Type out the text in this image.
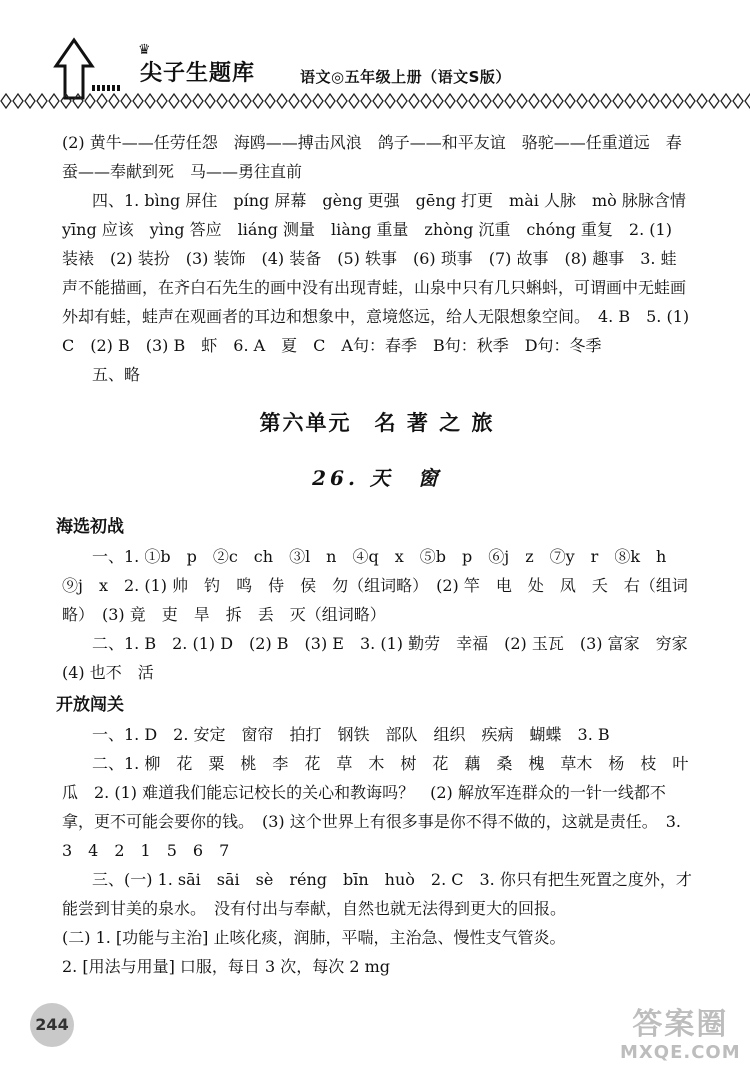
♛
尖子生题库	语文◎五年级上册（语文S版）

(2) 黄牛——任劳任怨　海鸥——搏击风浪　鸽子——和平友谊　骆驼——任重道远　春蚕——奉献到死　马——勇往直前

四、1. bìng 屏住　píng 屏幕　gèng 更强　gēng 打更　mài 人脉　mò 脉脉含情　yīng 应该　yìng 答应　liáng 测量　liàng 重量　zhòng 沉重　chóng 重复　2. (1) 装裱　(2) 装扮　(3) 装饰　(4) 装备　(5) 轶事　(6) 琐事　(7) 故事　(8) 趣事　3. 蛙声不能描画，在齐白石先生的画中没有出现青蛙，山泉中只有几只蝌蚪，可谓画中无蛙画外却有蛙，蛙声在观画者的耳边和想象中，意境悠远，给人无限想象空间。　4. B　5. (1) C　(2) B　(3) B　虾　6. A　夏　C　A句：春季　B句：秋季　D句：冬季

五、略

第六单元　名 著 之 旅
26. 天　窗
海选初战

一、1. ①b　p　②c　ch　③l　n　④q　x　⑤b　p　⑥j　z　⑦y　r　⑧k　h　⑨j　x　2. (1) 帅　钓　鸣　侍　侯　勿（组词略）　(2) 竿　电　处　凤　夭　右（组词略）　(3) 竟　吏　旱　拆　丢　灭（组词略）

二、1. B　2. (1) D　(2) B　(3) E　3. (1) 勤劳　幸福　(2) 玉瓦　(3) 富家　穷家　(4) 也不　活

开放闯关

一、1. D　2. 安定　窗帘　拍打　钢铁　部队　组织　疾病　蝴蝶　3. B

二、1. 柳　花　粟　桃　李　花　草　木　树　花　藕　桑　槐　草木　杨　枝　叶　瓜　2. (1) 难道我们能忘记校长的关心和教诲吗？　(2) 解放军连群众的一针一线都不拿，更不可能会要你的钱。　(3) 这个世界上有很多事是你不得不做的，这就是责任。　3. 3　4　2　1　5　6　7

三、(一) 1. sāi　sāi　sè　réng　bīn　huò　2. C　3. 你只有把生死置之度外，才能尝到甘美的泉水。　没有付出与奉献，自然也就无法得到更大的回报。

(二) 1. [功能与主治] 止咳化痰，润肺，平喘，主治急、慢性支气管炎。

2. [用法与用量] 口服，每日 3 次，每次 2 mg

244	答案圈
MXQE.COM
